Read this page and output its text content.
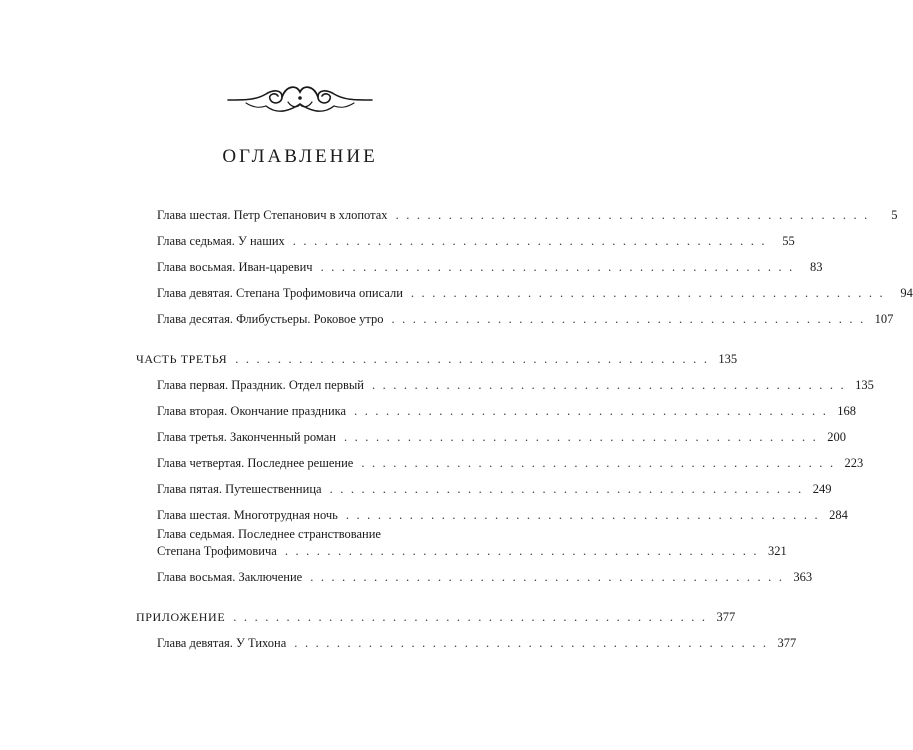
ОГЛАВЛЕНИЕ
Глава шестая. Петр Степанович в хлопотах . . . . . . . . . . . . . . . . . . . . . . . . . . . . . . . . . . . . . . . . . . . . .	5
Глава седьмая. У наших . . . . . . . . . . . . . . . . . . . . . . . . . . . . . . . . . . . . . . . . . . . . .	55
Глава восьмая. Иван-царевич . . . . . . . . . . . . . . . . . . . . . . . . . . . . . . . . . . . . . . . . . . . . .	83
Глава девятая. Степана Трофимовича описали . . . . . . . . . . . . . . . . . . . . . . . . . . . . . . . . . . . . . . . . . . . . .	94
Глава десятая. Флибустьеры. Роковое утро . . . . . . . . . . . . . . . . . . . . . . . . . . . . . . . . . . . . . . . . . . . . . 107
ЧАСТЬ ТРЕТЬЯ . . . . . . . . . . . . . . . . . . . . . . . . . . . . . . . . . . . . . . . . . . . . . 135
Глава первая. Праздник. Отдел первый . . . . . . . . . . . . . . . . . . . . . . . . . . . . . . . . . . . . . . . . . . . . . 135
Глава вторая. Окончание праздника . . . . . . . . . . . . . . . . . . . . . . . . . . . . . . . . . . . . . . . . . . . . . 168
Глава третья. Законченный роман . . . . . . . . . . . . . . . . . . . . . . . . . . . . . . . . . . . . . . . . . . . . . 200
Глава четвертая. Последнее решение . . . . . . . . . . . . . . . . . . . . . . . . . . . . . . . . . . . . . . . . . . . . . 223
Глава пятая. Путешественница . . . . . . . . . . . . . . . . . . . . . . . . . . . . . . . . . . . . . . . . . . . . . 249
Глава шестая. Многотрудная ночь . . . . . . . . . . . . . . . . . . . . . . . . . . . . . . . . . . . . . . . . . . . . . 284
Глава седьмая. Последнее странствование
Степана Трофимовича . . . . . . . . . . . . . . . . . . . . . . . . . . . . . . . . . . . . . . . . . . . . . 321
Глава восьмая. Заключение . . . . . . . . . . . . . . . . . . . . . . . . . . . . . . . . . . . . . . . . . . . . . 363
ПРИЛОЖЕНИЕ . . . . . . . . . . . . . . . . . . . . . . . . . . . . . . . . . . . . . . . . . . . . . 377
Глава девятая. У Тихона . . . . . . . . . . . . . . . . . . . . . . . . . . . . . . . . . . . . . . . . . . . . . 377
